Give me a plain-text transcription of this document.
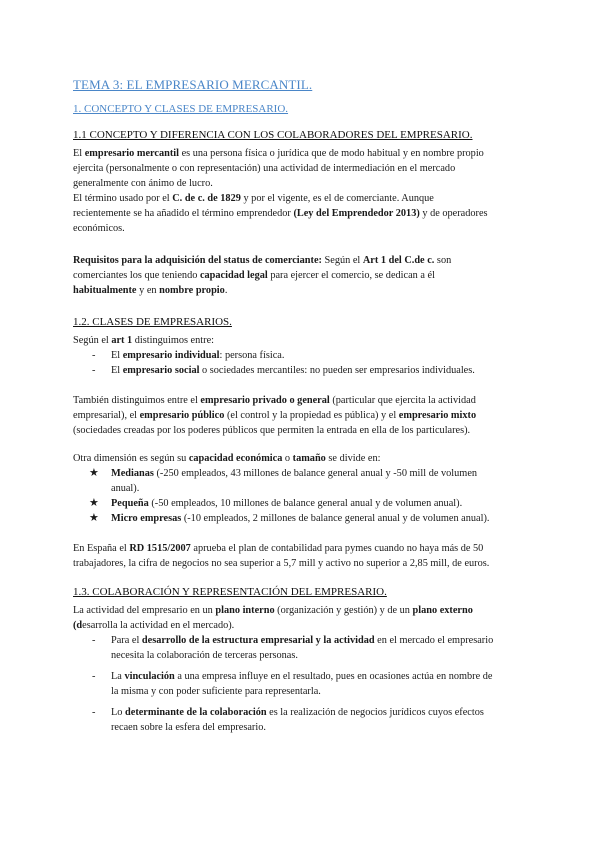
TEMA 3: EL EMPRESARIO MERCANTIL.
1. CONCEPTO Y CLASES DE EMPRESARIO.
1.1 CONCEPTO Y DIFERENCIA CON LOS COLABORADORES DEL EMPRESARIO.

El empresario mercantil es una persona física o jurídica que de modo habitual y en nombre propio

ejercita (personalmente o con representación) una actividad de intermediación en el mercado

generalmente con ánimo de lucro.

El término usado por el C. de c. de 1829 y por el vigente, es el de comerciante. Aunque

recientemente se ha añadido el término emprendedor (Ley del Emprendedor 2013) y de operadores

económicos.

Requisitos para la adquisición del status de comerciante: Según el Art 1 del C.de c. son

comerciantes los que teniendo capacidad legal para ejercer el comercio, se dedican a él

habitualmente y en nombre propio.

1.2. CLASES DE EMPRESARIOS.

Según el art 1 distinguimos entre:

- El empresario individual: persona física.
- El empresario social o sociedades mercantiles: no pueden ser empresarios individuales.

También distinguimos entre el empresario privado o general (particular que ejercita la actividad

empresarial), el empresario público (el control y la propiedad es pública) y el empresario mixto

(sociedades creadas por los poderes públicos que permiten la entrada en ella de los particulares).

Otra dimensión es según su capacidad económica o tamaño se divide en:

★ Medianas (-250 empleados, 43 millones de balance general anual y -50 mill de volumen

anual).

★ Pequeña (-50 empleados, 10 millones de balance general anual y de volumen anual).

★ Micro empresas (-10 empleados, 2 millones de balance general anual y de volumen anual).

En España el RD 1515/2007 aprueba el plan de contabilidad para pymes cuando no haya más de 50

trabajadores, la cifra de negocios no sea superior a 5,7 mill y activo no superior a 2,85 mill, de euros.

1.3. COLABORACIÓN Y REPRESENTACIÓN DEL EMPRESARIO.

La actividad del empresario en un plano interno (organización y gestión) y de un plano externo

(desarrolla la actividad en el mercado).

- Para el desarrollo de la estructura empresarial y la actividad en el mercado el empresario

necesita la colaboración de terceras personas.

- La vinculación a una empresa influye en el resultado, pues en ocasiones actúa en nombre de

la misma y con poder suficiente para representarla.

- Lo determinante de la colaboración es la realización de negocios jurídicos cuyos efectos

recaen sobre la esfera del empresario.
